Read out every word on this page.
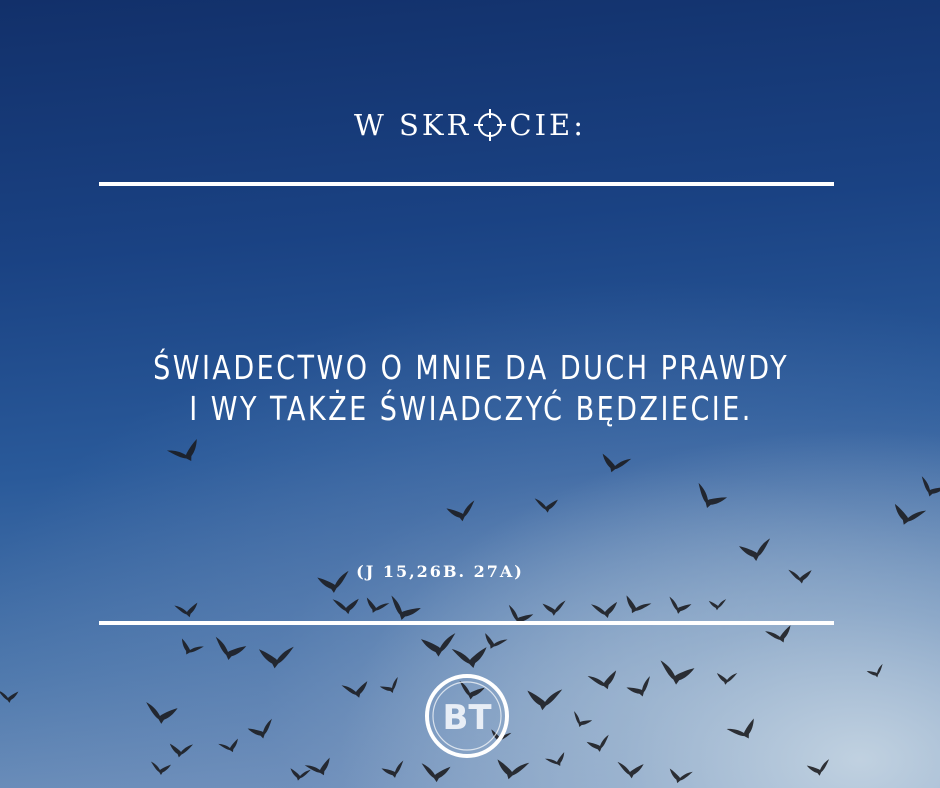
W SKR CIE:
ŚWIADECTWO O MNIE DA DUCH PRAWDY
I WY TAKŻE ŚWIADCZYĆ BĘDZIECIE.
(J 15,26B. 27A)
BT
